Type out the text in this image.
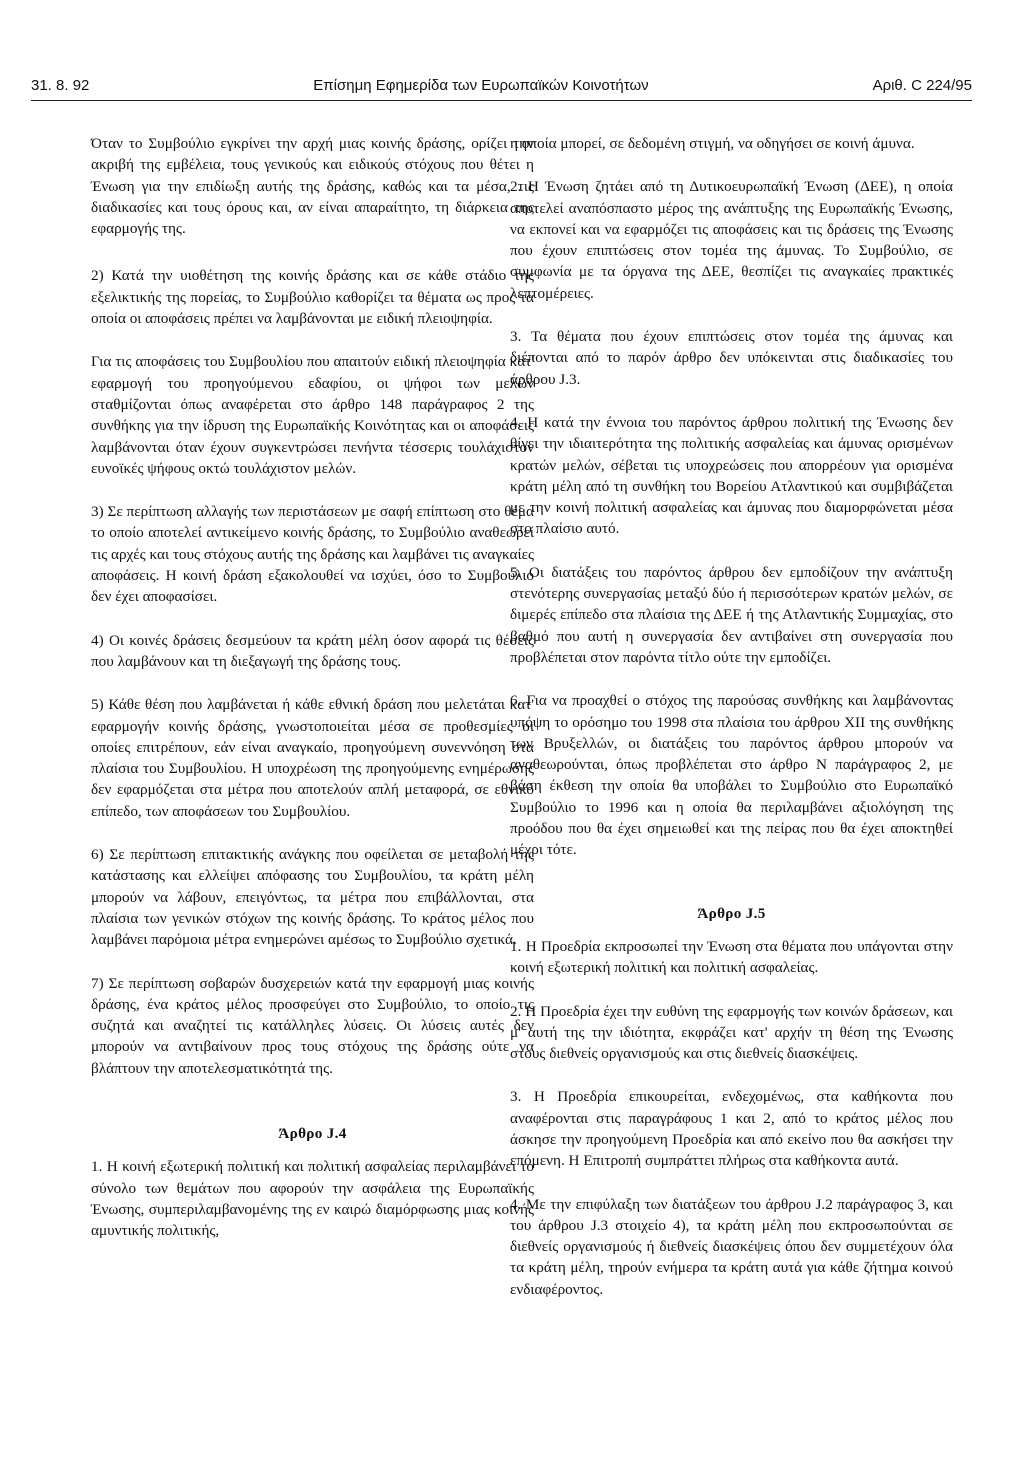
31. 8. 92	Επίσημη Εφημερίδα των Ευρωπαϊκών Κοινοτήτων	Αριθ. C 224/95

Όταν το Συμβούλιο εγκρίνει την αρχή μιας κοινής δράσης, ορίζει την ακριβή της εμβέλεια, τους γενικούς και ειδικούς στόχους που θέτει η Ένωση για την επιδίωξη αυτής της δράσης, καθώς και τα μέσα, τις διαδικασίες και τους όρους και, αν είναι απαραίτητο, τη διάρκεια της εφαρμογής της.

2) Κατά την υιοθέτηση της κοινής δράσης και σε κάθε στάδιο της εξελικτικής της πορείας, το Συμβούλιο καθορίζει τα θέματα ως προς τα οποία οι αποφάσεις πρέπει να λαμβάνονται με ειδική πλειοψηφία.

Για τις αποφάσεις του Συμβουλίου που απαιτούν ειδική πλειοψηφία κατ' εφαρμογή του προηγούμενου εδαφίου, οι ψήφοι των μελών σταθμίζονται όπως αναφέρεται στο άρθρο 148 παράγραφος 2 της συνθήκης για την ίδρυση της Ευρωπαϊκής Κοινότητας και οι αποφάσεις λαμβάνονται όταν έχουν συγκεντρώσει πενήντα τέσσερις τουλάχιστον ευνοϊκές ψήφους οκτώ τουλάχιστον μελών.

3) Σε περίπτωση αλλαγής των περιστάσεων με σαφή επίπτωση στο θέμα το οποίο αποτελεί αντικείμενο κοινής δράσης, το Συμβούλιο αναθεωρεί τις αρχές και τους στόχους αυτής της δράσης και λαμβάνει τις αναγκαίες αποφάσεις. Η κοινή δράση εξακολουθεί να ισχύει, όσο το Συμβούλιο δεν έχει αποφασίσει.

4) Οι κοινές δράσεις δεσμεύουν τα κράτη μέλη όσον αφορά τις θέσεις που λαμβάνουν και τη διεξαγωγή της δράσης τους.

5) Κάθε θέση που λαμβάνεται ή κάθε εθνική δράση που μελετάται κατ' εφαρμογήν κοινής δράσης, γνωστοποιείται μέσα σε προθεσμίες οι οποίες επιτρέπουν, εάν είναι αναγκαίο, προηγούμενη συνεννόηση στα πλαίσια του Συμβουλίου. Η υποχρέωση της προηγούμενης ενημέρωσης δεν εφαρμόζεται στα μέτρα που αποτελούν απλή μεταφορά, σε εθνικό επίπεδο, των αποφάσεων του Συμβουλίου.

6) Σε περίπτωση επιτακτικής ανάγκης που οφείλεται σε μεταβολή της κατάστασης και ελλείψει απόφασης του Συμβουλίου, τα κράτη μέλη μπορούν να λάβουν, επειγόντως, τα μέτρα που επιβάλλονται, στα πλαίσια των γενικών στόχων της κοινής δράσης. Το κράτος μέλος που λαμβάνει παρόμοια μέτρα ενημερώνει αμέσως το Συμβούλιο σχετικά.

7) Σε περίπτωση σοβαρών δυσχερειών κατά την εφαρμογή μιας κοινής δράσης, ένα κράτος μέλος προσφεύγει στο Συμβούλιο, το οποίο τις συζητά και αναζητεί τις κατάλληλες λύσεις. Οι λύσεις αυτές δεν μπορούν να αντιβαίνουν προς τους στόχους της δράσης ούτε να βλάπτουν την αποτελεσματικότητά της.

Άρθρο J.4

1. Η κοινή εξωτερική πολιτική και πολιτική ασφαλείας περιλαμβάνει το σύνολο των θεμάτων που αφορούν την ασφάλεια της Ευρωπαϊκής Ένωσης, συμπεριλαμβανομένης της εν καιρώ διαμόρφωσης μιας κοινής αμυντικής πολιτικής,

η οποία μπορεί, σε δεδομένη στιγμή, να οδηγήσει σε κοινή άμυνα.

2. Η Ένωση ζητάει από τη Δυτικοευρωπαϊκή Ένωση (ΔΕΕ), η οποία αποτελεί αναπόσπαστο μέρος της ανάπτυξης της Ευρωπαϊκής Ένωσης, να εκπονεί και να εφαρμόζει τις αποφάσεις και τις δράσεις της Ένωσης που έχουν επιπτώσεις στον τομέα της άμυνας. Το Συμβούλιο, σε συμφωνία με τα όργανα της ΔΕΕ, θεσπίζει τις αναγκαίες πρακτικές λεπτομέρειες.

3. Τα θέματα που έχουν επιπτώσεις στον τομέα της άμυνας και διέπονται από το παρόν άρθρο δεν υπόκεινται στις διαδικασίες του άρθρου J.3.

4. Η κατά την έννοια του παρόντος άρθρου πολιτική της Ένωσης δεν θίγει την ιδιαιτερότητα της πολιτικής ασφαλείας και άμυνας ορισμένων κρατών μελών, σέβεται τις υποχρεώσεις που απορρέουν για ορισμένα κράτη μέλη από τη συνθήκη του Βορείου Ατλαντικού και συμβιβάζεται με την κοινή πολιτική ασφαλείας και άμυνας που διαμορφώνεται μέσα στο πλαίσιο αυτό.

5. Οι διατάξεις του παρόντος άρθρου δεν εμποδίζουν την ανάπτυξη στενότερης συνεργασίας μεταξύ δύο ή περισσότερων κρατών μελών, σε διμερές επίπεδο στα πλαίσια της ΔΕΕ ή της Ατλαντικής Συμμαχίας, στο βαθμό που αυτή η συνεργασία δεν αντιβαίνει στη συνεργασία που προβλέπεται στον παρόντα τίτλο ούτε την εμποδίζει.

6. Για να προαχθεί ο στόχος της παρούσας συνθήκης και λαμβάνοντας υπόψη το ορόσημο του 1998 στα πλαίσια του άρθρου XII της συνθήκης των Βρυξελλών, οι διατάξεις του παρόντος άρθρου μπορούν να αναθεωρούνται, όπως προβλέπεται στο άρθρο N παράγραφος 2, με βάση έκθεση την οποία θα υποβάλει το Συμβούλιο στο Ευρωπαϊκό Συμβούλιο το 1996 και η οποία θα περιλαμβάνει αξιολόγηση της προόδου που θα έχει σημειωθεί και της πείρας που θα έχει αποκτηθεί μέχρι τότε.

Άρθρο J.5

1. Η Προεδρία εκπροσωπεί την Ένωση στα θέματα που υπάγονται στην κοινή εξωτερική πολιτική και πολιτική ασφαλείας.

2. Η Προεδρία έχει την ευθύνη της εφαρμογής των κοινών δράσεων, και μ' αυτή της την ιδιότητα, εκφράζει κατ' αρχήν τη θέση της Ένωσης στους διεθνείς οργανισμούς και στις διεθνείς διασκέψεις.

3. Η Προεδρία επικουρείται, ενδεχομένως, στα καθήκοντα που αναφέρονται στις παραγράφους 1 και 2, από το κράτος μέλος που άσκησε την προηγούμενη Προεδρία και από εκείνο που θα ασκήσει την επόμενη. Η Επιτροπή συμπράττει πλήρως στα καθήκοντα αυτά.

4. Με την επιφύλαξη των διατάξεων του άρθρου J.2 παράγραφος 3, και του άρθρου J.3 στοιχείο 4), τα κράτη μέλη που εκπροσωπούνται σε διεθνείς οργανισμούς ή διεθνείς διασκέψεις όπου δεν συμμετέχουν όλα τα κράτη μέλη, τηρούν ενήμερα τα κράτη αυτά για κάθε ζήτημα κοινού ενδιαφέροντος.
